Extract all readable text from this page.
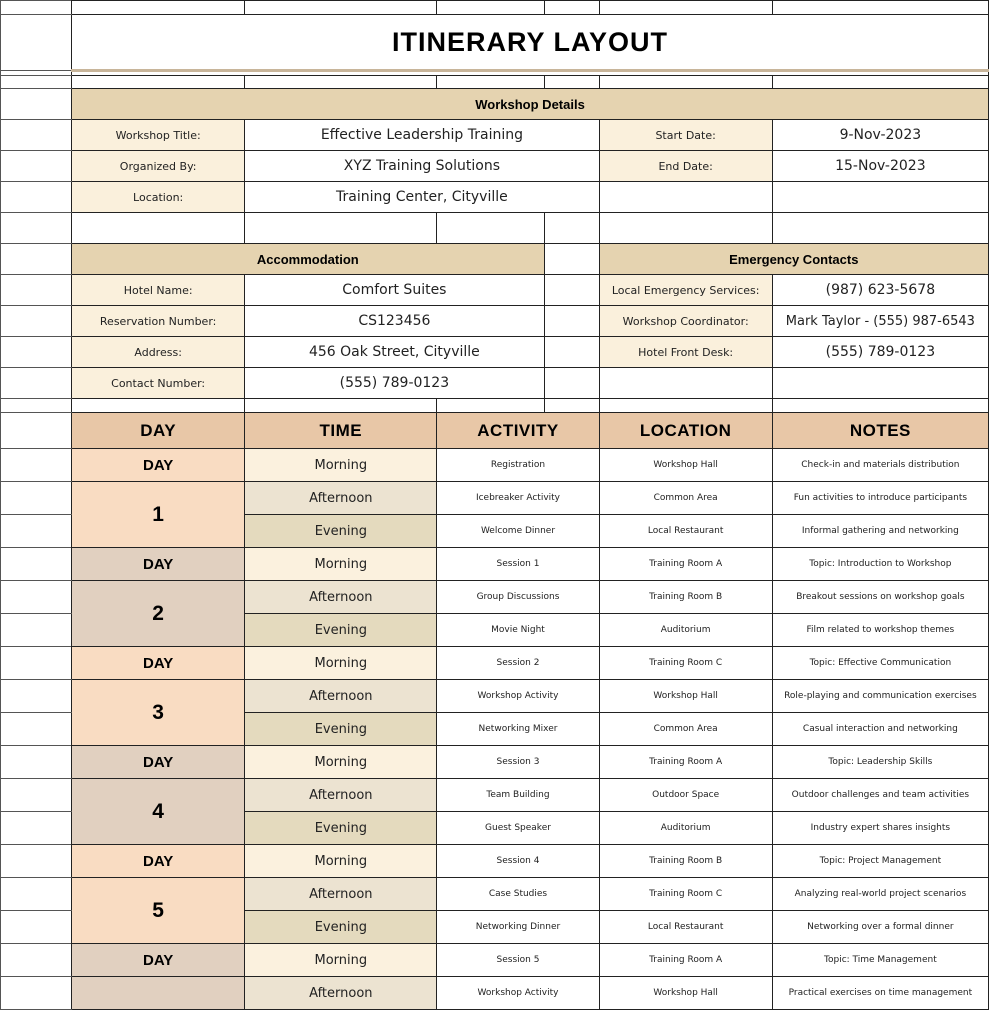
	ITINERARY LAYOUT					

	Workshop Details					
	Workshop Title:	Effective Leadership Training			Start Date:	9-Nov-2023
	Organized By:	XYZ Training Solutions			End Date:	15-Nov-2023
	Location:	Training Center, Cityville				

	Accommodation				Emergency Contacts	
	Hotel Name:	Comfort Suites			Local Emergency Services:	(987) 623-5678
	Reservation Number:	CS123456			Workshop Coordinator:	Mark Taylor - (555) 987-6543
	Address:	456 Oak Street, Cityville			Hotel Front Desk:	(555) 789-0123
	Contact Number:	(555) 789-0123				

	DAY	TIME	ACTIVITY		LOCATION	NOTES
	DAY	Morning	Registration		Workshop Hall	Check-in and materials distribution
	1	Afternoon	Icebreaker Activity		Common Area	Fun activities to introduce participants
		Evening	Welcome Dinner		Local Restaurant	Informal gathering and networking
	DAY	Morning	Session 1		Training Room A	Topic: Introduction to Workshop
	2	Afternoon	Group Discussions		Training Room B	Breakout sessions on workshop goals
		Evening	Movie Night		Auditorium	Film related to workshop themes
	DAY	Morning	Session 2		Training Room C	Topic: Effective Communication
	3	Afternoon	Workshop Activity		Workshop Hall	Role-playing and communication exercises
		Evening	Networking Mixer		Common Area	Casual interaction and networking
	DAY	Morning	Session 3		Training Room A	Topic: Leadership Skills
	4	Afternoon	Team Building		Outdoor Space	Outdoor challenges and team activities
		Evening	Guest Speaker		Auditorium	Industry expert shares insights
	DAY	Morning	Session 4		Training Room B	Topic: Project Management
	5	Afternoon	Case Studies		Training Room C	Analyzing real-world project scenarios
		Evening	Networking Dinner		Local Restaurant	Networking over a formal dinner
	DAY	Morning	Session 5		Training Room A	Topic: Time Management
		Afternoon	Workshop Activity		Workshop Hall	Practical exercises on time management
